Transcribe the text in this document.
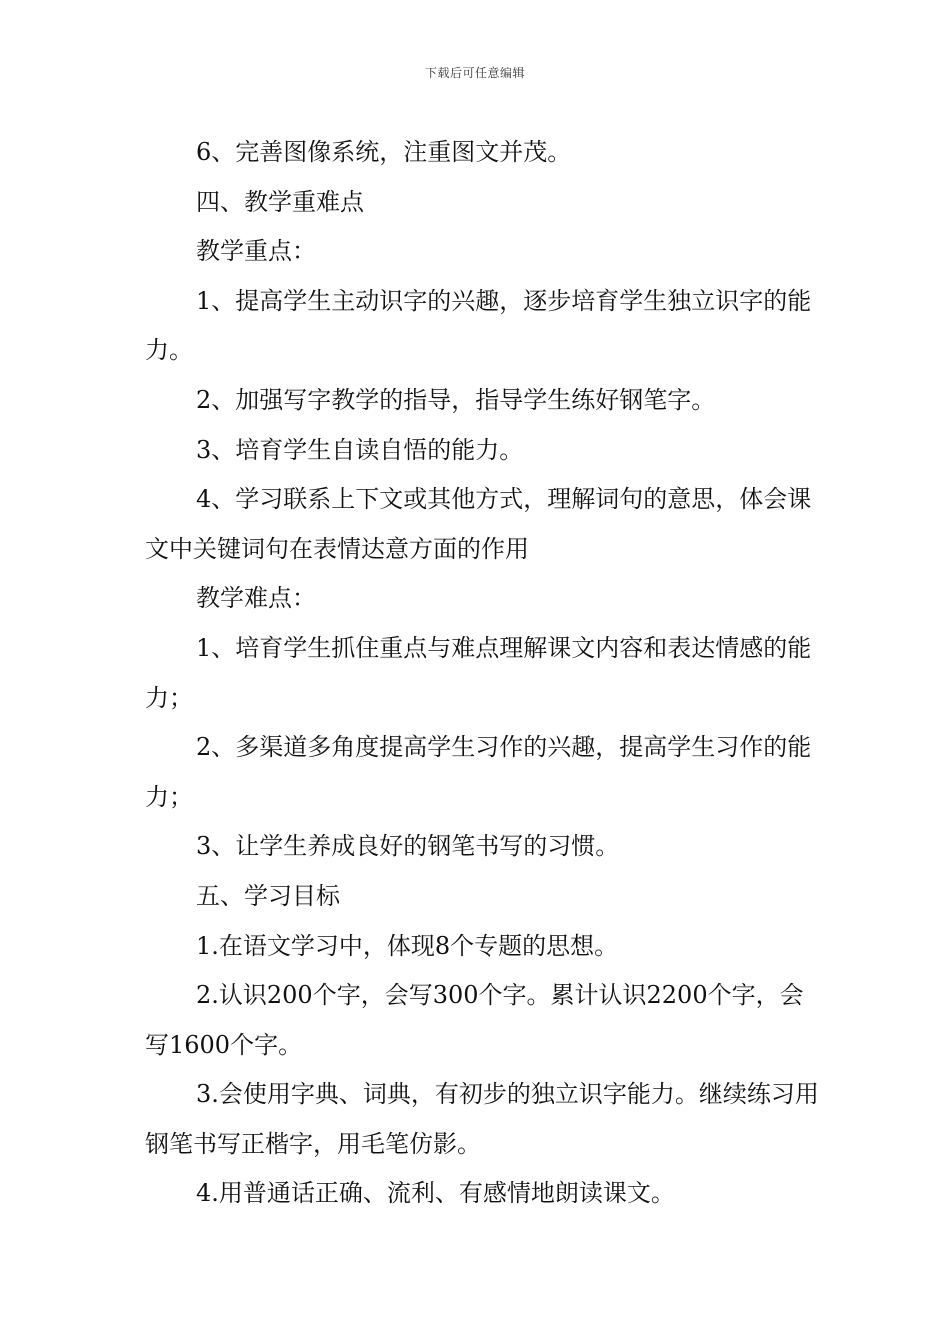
下载后可任意编辑

6、完善图像系统，注重图文并茂。

四、教学重难点

教学重点：

1、提高学生主动识字的兴趣，逐步培育学生独立识字的能力。

2、加强写字教学的指导，指导学生练好钢笔字。

3、培育学生自读自悟的能力。

4、学习联系上下文或其他方式，理解词句的意思，体会课文中关键词句在表情达意方面的作用

教学难点：

1、培育学生抓住重点与难点理解课文内容和表达情感的能力；

2、多渠道多角度提高学生习作的兴趣，提高学生习作的能力；

3、让学生养成良好的钢笔书写的习惯。

五、学习目标

1.在语文学习中，体现8个专题的思想。

2.认识200个字，会写300个字。累计认识2200个字，会写1600个字。

3.会使用字典、词典，有初步的独立识字能力。继续练习用钢笔书写正楷字，用毛笔仿影。

4.用普通话正确、流利、有感情地朗读课文。
